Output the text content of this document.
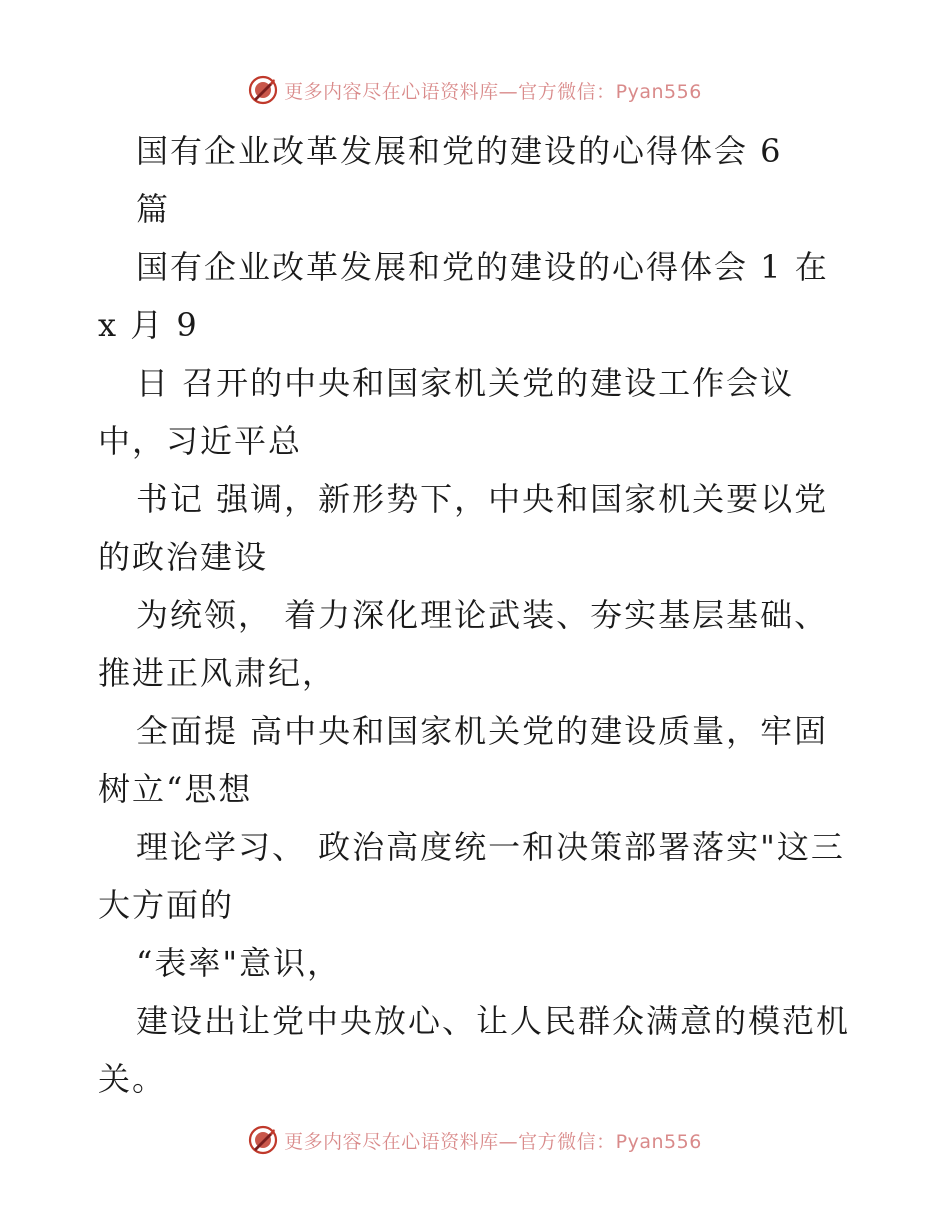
更多内容尽在心语资料库—官方微信：Pyan556
国有企业改革发展和党的建设的心得体会 6
篇
国有企业改革发展和党的建设的心得体会 1 在
x 月 9
日 召开的中央和国家机关党的建设工作会议
中，习近平总
书记 强调，新形势下，中央和国家机关要以党
的政治建设
为统领， 着力深化理论武装、夯实基层基础、
推进正风肃纪，
全面提 高中央和国家机关党的建设质量，牢固
树立“思想
理论学习、 政治高度统一和决策部署落实"这三
大方面的
“表率"意识，
建设出让党中央放心、让人民群众满意的模范机
关。
更多内容尽在心语资料库—官方微信：Pyan556
